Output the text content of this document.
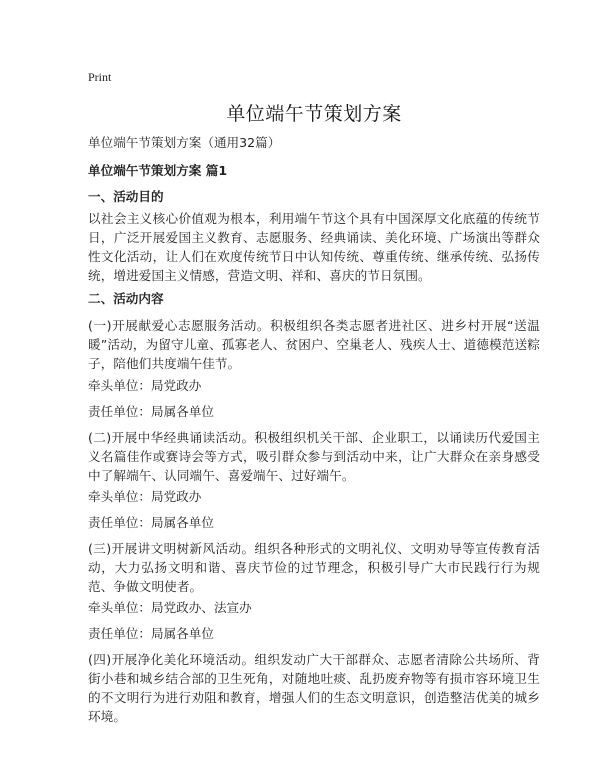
Print
单位端午节策划方案
单位端午节策划方案（通用32篇）
单位端午节策划方案 篇1
一、活动目的
以社会主义核心价值观为根本，利用端午节这个具有中国深厚文化底蕴的传统节日，广泛开展爱国主义教育、志愿服务、经典诵读、美化环境、广场演出等群众性文化活动，让人们在欢度传统节日中认知传统、尊重传统、继承传统、弘扬传统，增进爱国主义情感，营造文明、祥和、喜庆的节日氛围。
二、活动内容
(一)开展献爱心志愿服务活动。积极组织各类志愿者进社区、进乡村开展“送温暖”活动，为留守儿童、孤寡老人、贫困户、空巢老人、残疾人士、道德模范送粽子，陪他们共度端午佳节。
牵头单位：局党政办
责任单位：局属各单位
(二)开展中华经典诵读活动。积极组织机关干部、企业职工，以诵读历代爱国主义名篇佳作或赛诗会等方式，吸引群众参与到活动中来，让广大群众在亲身感受中了解端午、认同端午、喜爱端午、过好端午。
牵头单位：局党政办
责任单位：局属各单位
(三)开展讲文明树新风活动。组织各种形式的文明礼仪、文明劝导等宣传教育活动，大力弘扬文明和谐、喜庆节俭的过节理念，积极引导广大市民践行行为规范、争做文明使者。
牵头单位：局党政办、法宣办
责任单位：局属各单位
(四)开展净化美化环境活动。组织发动广大干部群众、志愿者清除公共场所、背街小巷和城乡结合部的卫生死角，对随地吐痰、乱扔废弃物等有损市容环境卫生的不文明行为进行劝阻和教育，增强人们的生态文明意识，创造整洁优美的城乡环境。
